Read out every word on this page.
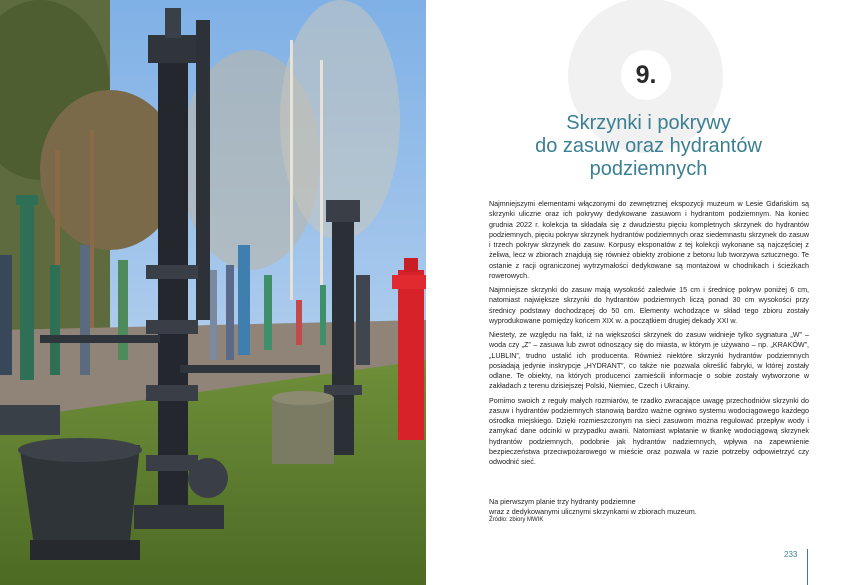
9.
Skrzynki i pokrywy
do zasuw oraz hydrantów
podziemnych

Najmniejszymi elementami włączonymi do zewnętrznej ekspozycji muzeum w Lesie Gdańskim są skrzynki uliczne oraz ich pokrywy dedykowane zasuwom i hydrantom podziemnym. Na koniec grudnia 2022 r. kolekcja ta składała się z dwudziestu pięciu kompletnych skrzynek do hydrantów podziemnych, pięciu pokryw skrzynek hydrantów podziemnych oraz siedemnastu skrzynek do zasuw i trzech pokryw skrzynek do zasuw. Korpusy eksponatów z tej kolekcji wykonane są najczęściej z żeliwa, lecz w zbiorach znajdują się również obiekty zrobione z betonu lub tworzywa sztucznego. Te ostanie z racji ograniczonej wytrzymałości dedykowane są montażowi w chodnikach i ścieżkach rowerowych.

Najmniejsze skrzynki do zasuw mają wysokość zaledwie 15 cm i średnicę pokryw poniżej 6 cm, natomiast największe skrzynki do hydrantów podziemnych liczą ponad 30 cm wysokości przy średnicy podstawy dochodzącej do 50 cm. Elementy wchodzące w skład tego zbioru zostały wyprodukowane pomiędzy końcem XIX w. a początkiem drugiej dekady XXI w.

Niestety, ze względu na fakt, iż na większości skrzynek do zasuw widnieje tylko sygnatura „W” – woda czy „Z” – zasuwa lub zwrot odnoszący się do miasta, w którym je używano – np. „KRAKÓW”, „LUBLIN”, trudno ustalić ich producenta. Również niektóre skrzynki hydrantów podziemnych posiadają jedynie inskrypcje „HYDRANT”, co także nie pozwala określić fabryki, w której zostały odlane. Te obiekty, na których producenci zamieścili informacje o sobie zostały wytworzone w zakładach z terenu dzisiejszej Polski, Niemiec, Czech i Ukrainy.

Pomimo swoich z reguły małych rozmiarów, te rzadko zwracające uwagę przechodniów skrzynki do zasuw i hydrantów podziemnych stanowią bardzo ważne ogniwo systemu wodociągowego każdego ośrodka miejskiego. Dzięki rozmieszczonym na sieci zasuwom można regulować przepływ wody i zamykać dane odcinki w przypadku awarii. Natomiast wpłatanie w tkankę wodociągową skrzynek hydrantów podziemnych, podobnie jak hydrantów nadziemnych, wpływa na zapewnienie bezpieczeństwa przeciwpożarowego w mieście oraz pozwala w razie potrzeby odpowietrzyć czy odwodnić sieć.

Na pierwszym planie trzy hydranty podziemne
wraz z dedykowanymi ulicznymi skrzynkami w zbiorach muzeum.
Źródło: zbiory MWIK
233
